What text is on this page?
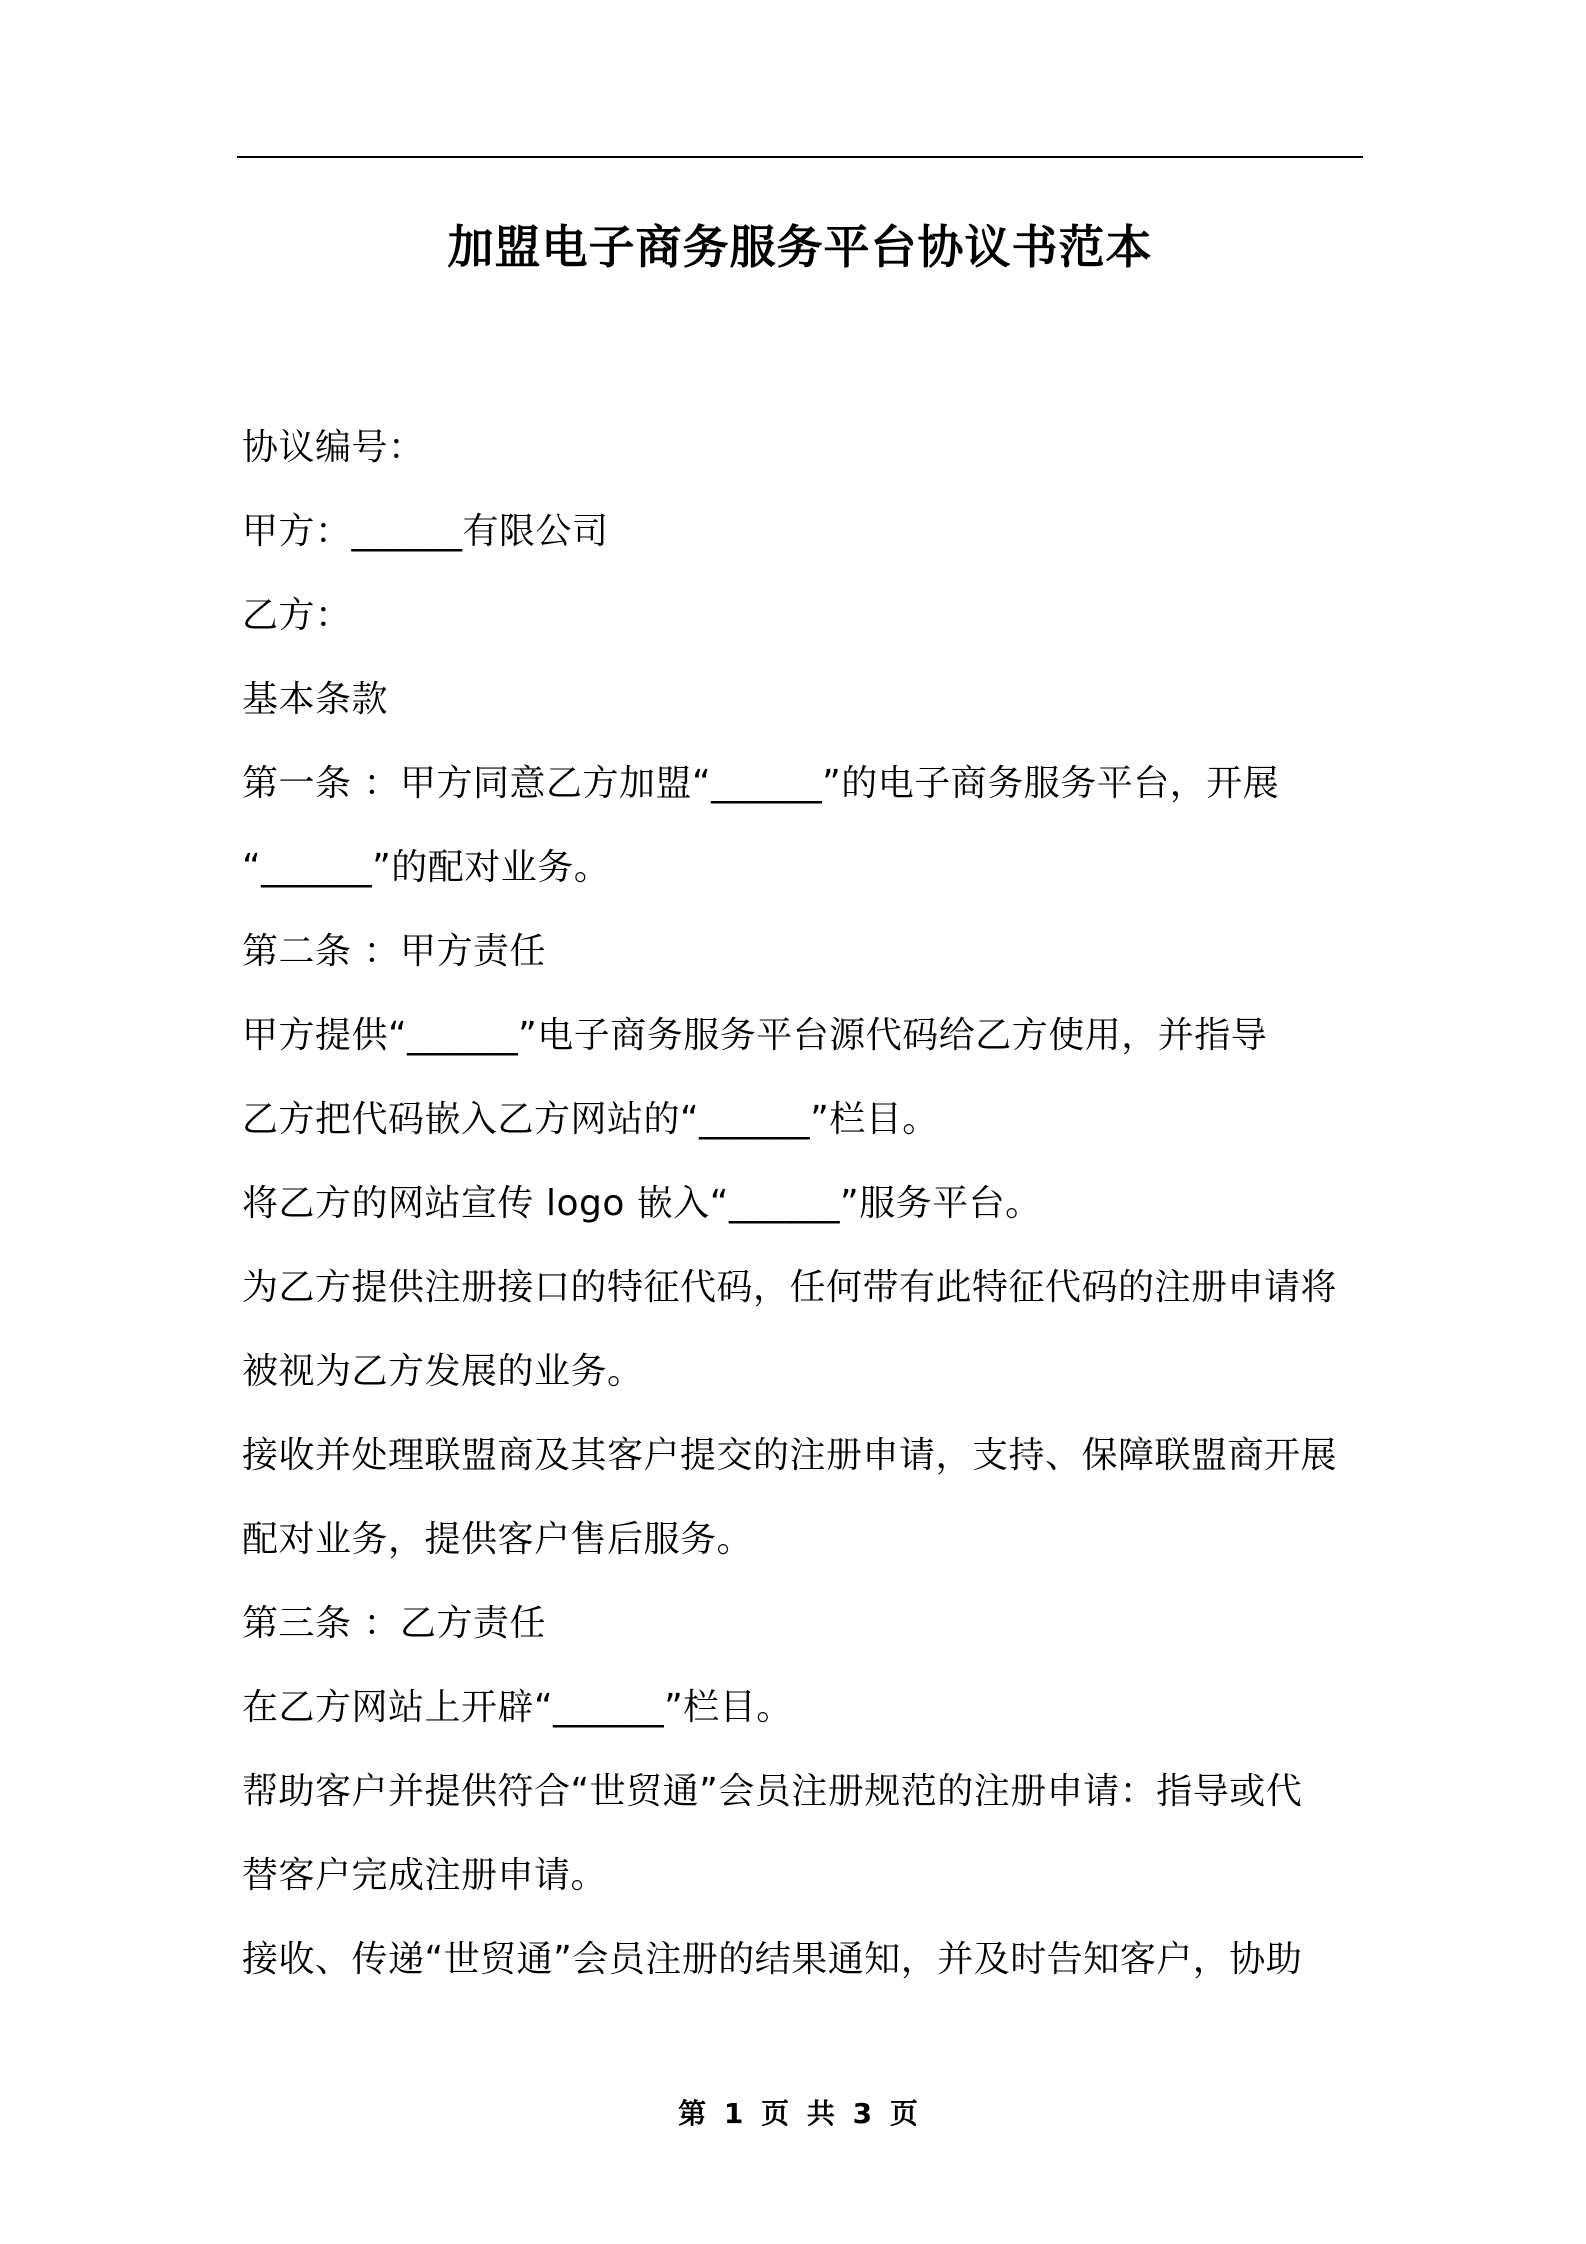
加盟电子商务服务平台协议书范本

协议编号：

甲方：______有限公司

乙方：

基本条款

第一条 ：甲方同意乙方加盟“______”的电子商务服务平台，开展

“______”的配对业务。

第二条 ：甲方责任

甲方提供“______”电子商务服务平台源代码给乙方使用，并指导

乙方把代码嵌入乙方网站的“______”栏目。

将乙方的网站宣传 logo 嵌入“______”服务平台。

为乙方提供注册接口的特征代码，任何带有此特征代码的注册申请将

被视为乙方发展的业务。

接收并处理联盟商及其客户提交的注册申请，支持、保障联盟商开展

配对业务，提供客户售后服务。

第三条 ：乙方责任

在乙方网站上开辟“______”栏目。

帮助客户并提供符合“世贸通”会员注册规范的注册申请：指导或代

替客户完成注册申请。

接收、传递“世贸通”会员注册的结果通知，并及时告知客户，协助

第 1 页 共 3 页
